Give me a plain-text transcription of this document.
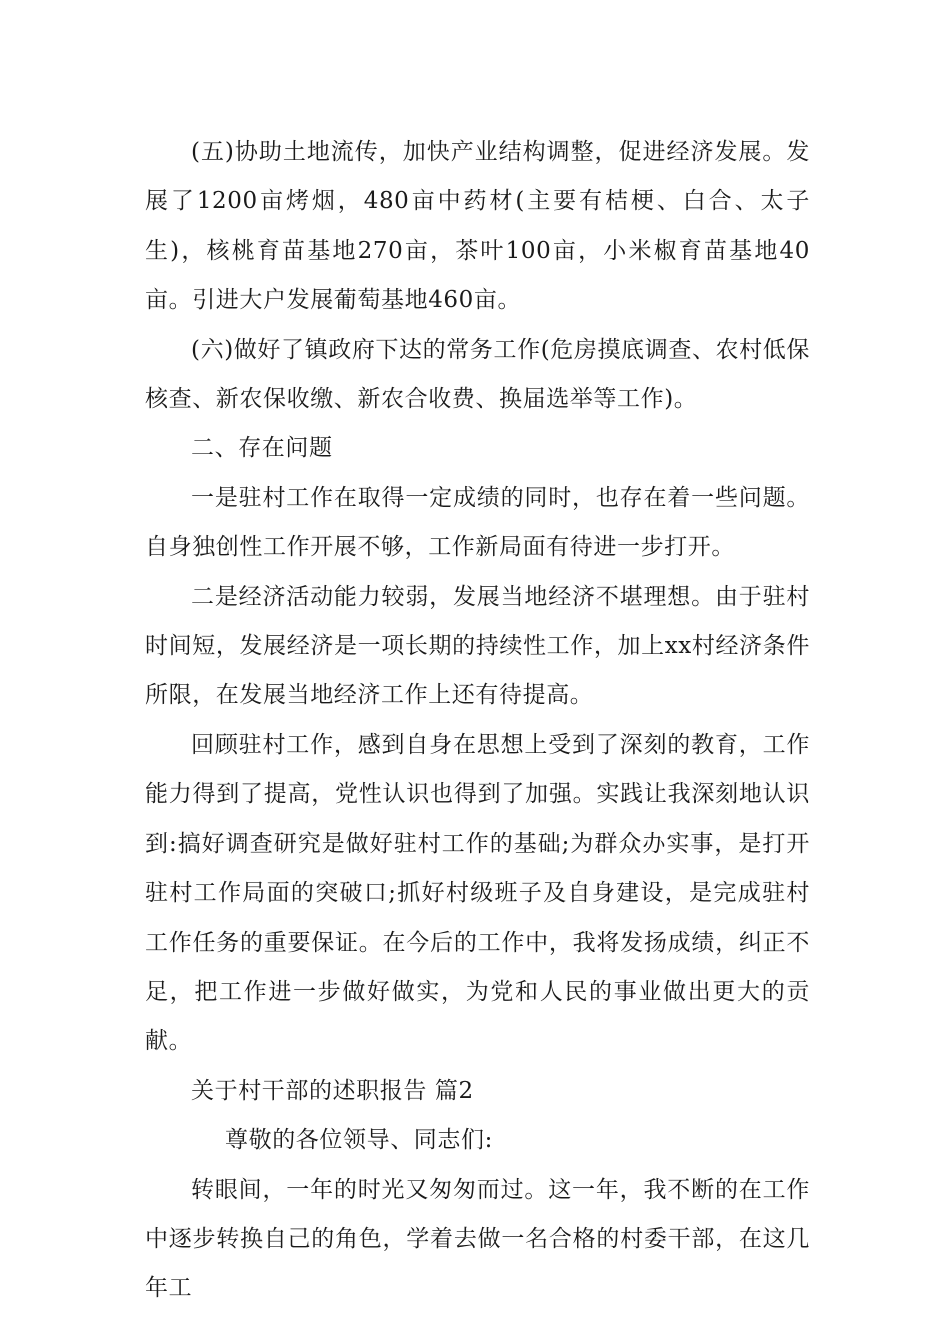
(五)协助土地流传，加快产业结构调整，促进经济发展。发展了1200亩烤烟，480亩中药材(主要有桔梗、白合、太子生)，核桃育苗基地270亩，茶叶100亩，小米椒育苗基地40亩。引进大户发展葡萄基地460亩。

(六)做好了镇政府下达的常务工作(危房摸底调查、农村低保核查、新农保收缴、新农合收费、换届选举等工作)。

二、存在问题

一是驻村工作在取得一定成绩的同时，也存在着一些问题。自身独创性工作开展不够，工作新局面有待进一步打开。

二是经济活动能力较弱，发展当地经济不堪理想。由于驻村时间短，发展经济是一项长期的持续性工作，加上xx村经济条件所限，在发展当地经济工作上还有待提高。

回顾驻村工作，感到自身在思想上受到了深刻的教育，工作能力得到了提高，党性认识也得到了加强。实践让我深刻地认识到:搞好调查研究是做好驻村工作的基础;为群众办实事，是打开驻村工作局面的突破口;抓好村级班子及自身建设，是完成驻村工作任务的重要保证。在今后的工作中，我将发扬成绩，纠正不足，把工作进一步做好做实，为党和人民的事业做出更大的贡献。

关于村干部的述职报告 篇2

尊敬的各位领导、同志们:

转眼间，一年的时光又匆匆而过。这一年，我不断的在工作中逐步转换自己的角色，学着去做一名合格的村委干部，在这几年工
